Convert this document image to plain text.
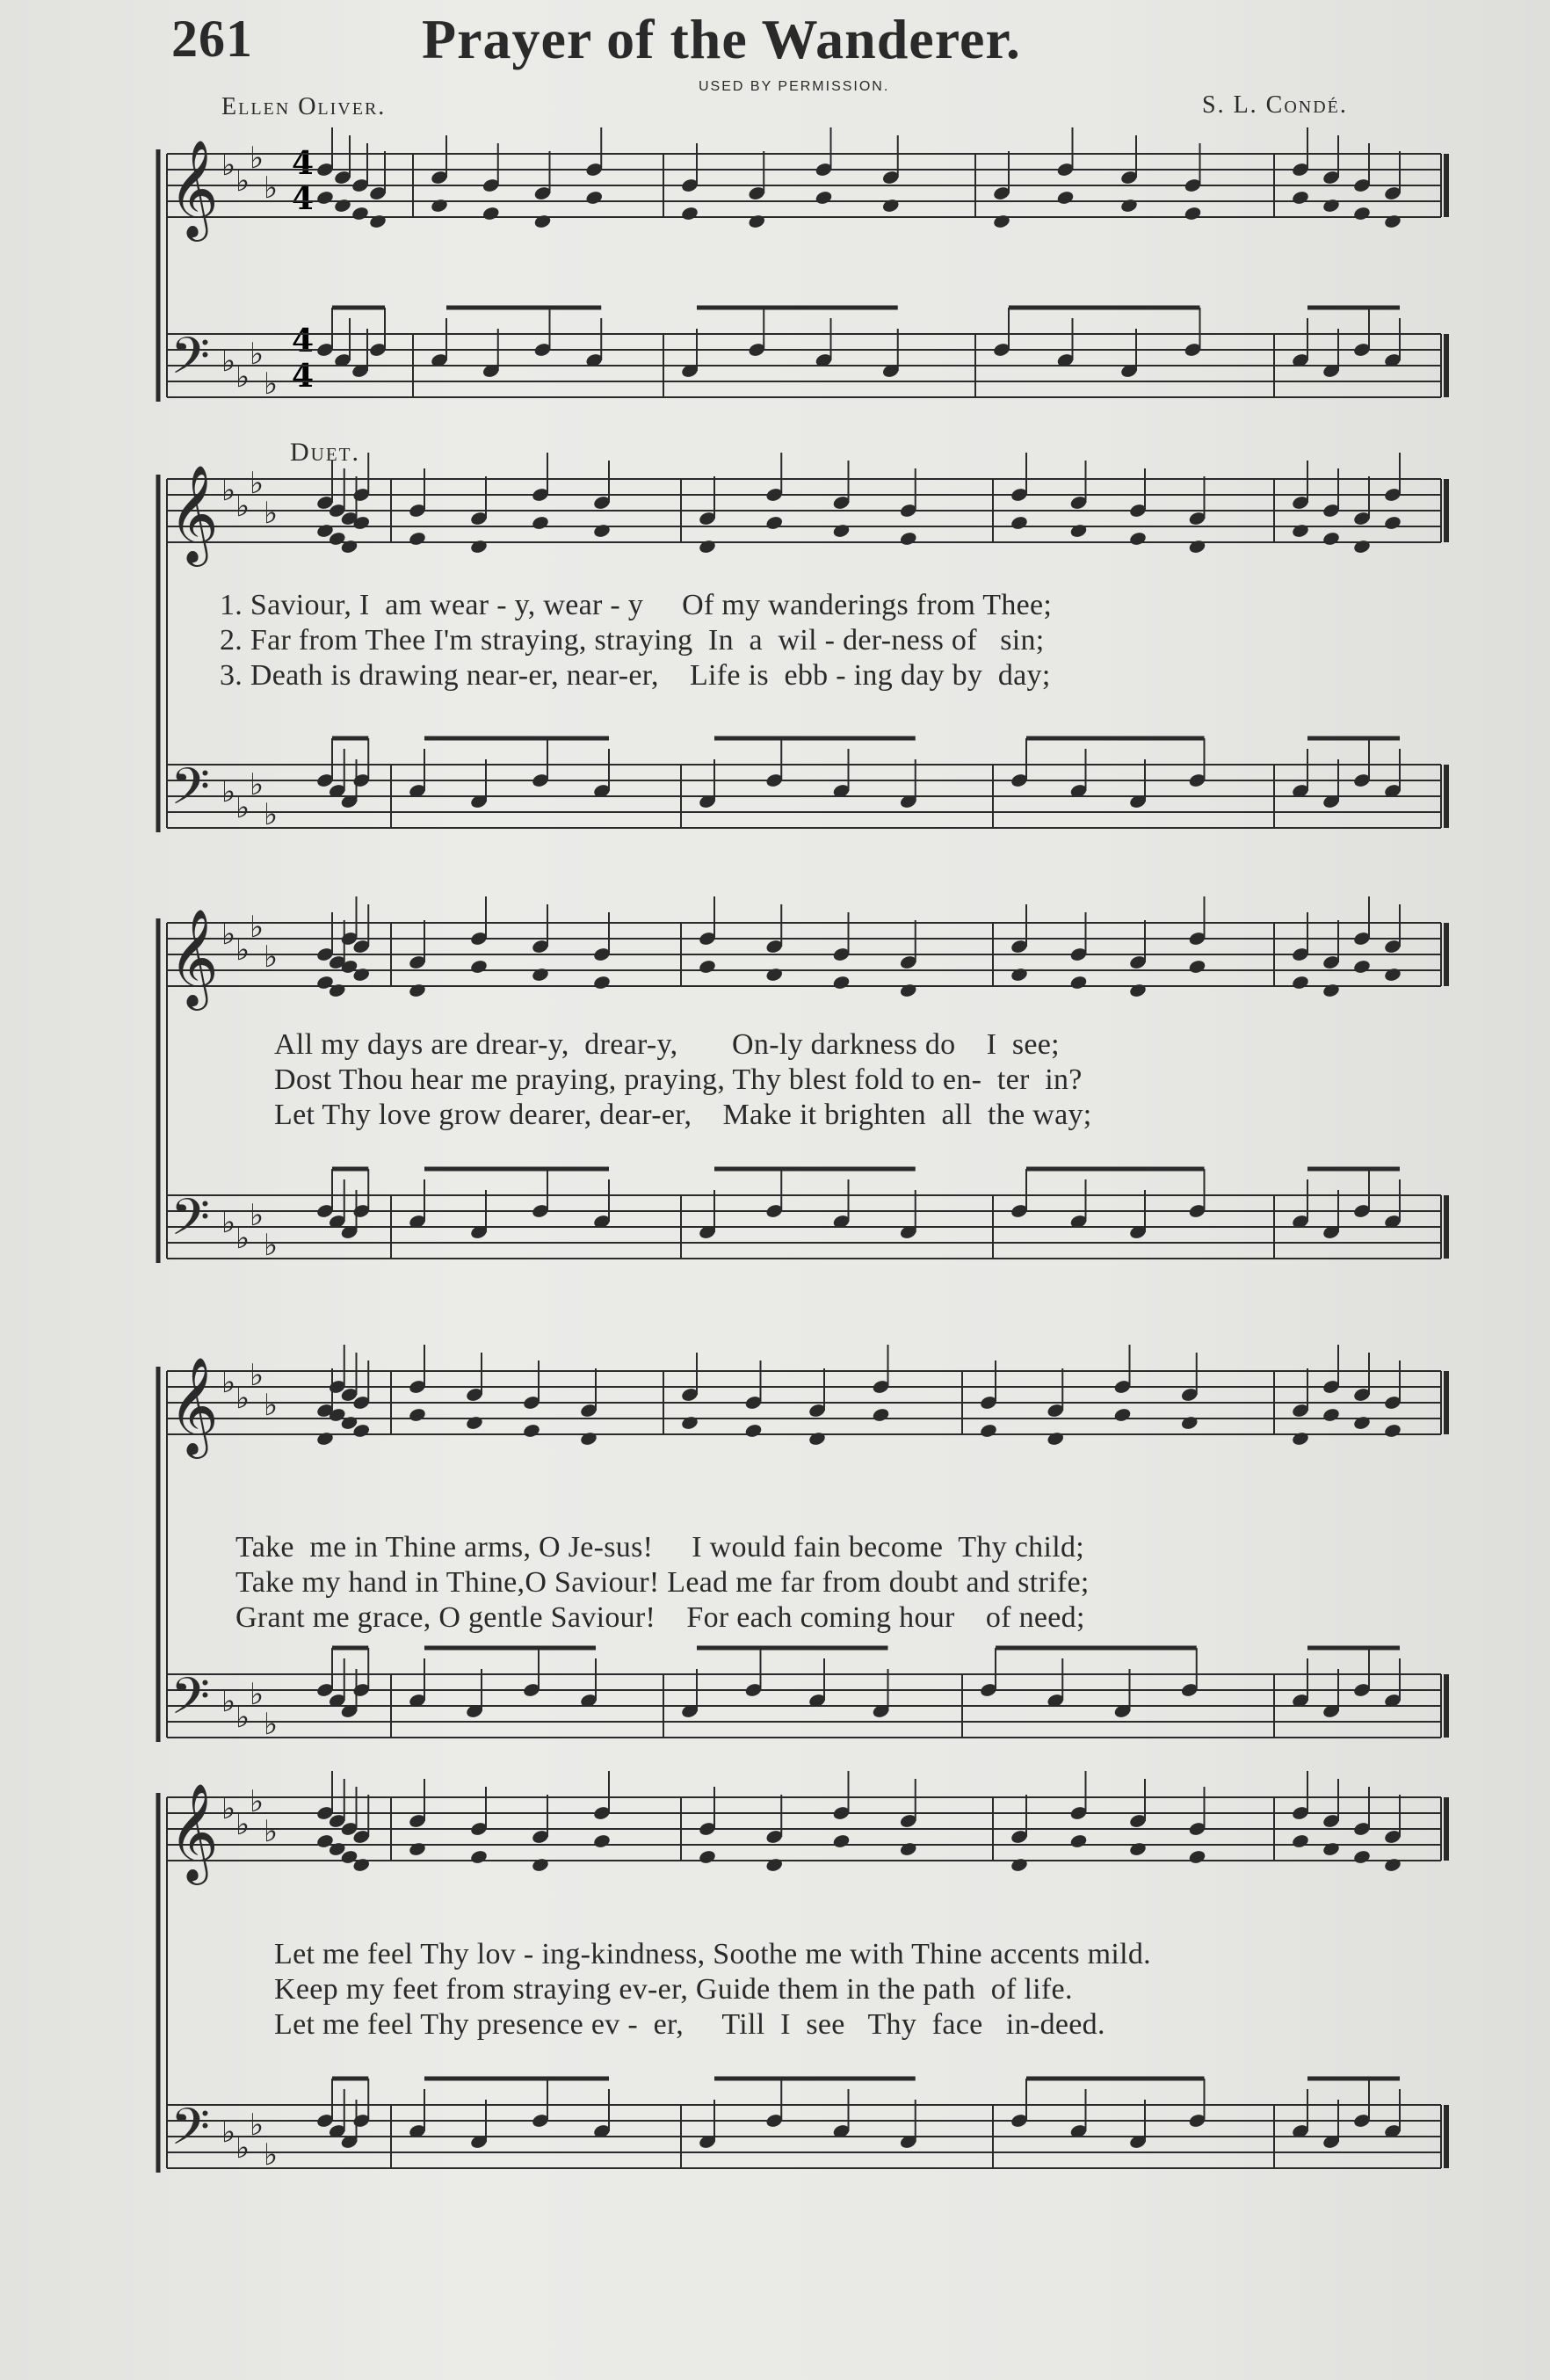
261	Prayer of the Wanderer.
USED BY PERMISSION.
Ellen Oliver.	S. L. Condé.
Duet.
4
4
4
4
𝄞
𝄢
♭ ♭
♭
♭
♭ ♭
♭
♭
𝄞
𝄢
♭ ♭
♭
♭
♭ ♭
♭
♭
𝄞
𝄢
♭ ♭
♭
♭
♭ ♭
♭
♭
𝄞
𝄢
♭ ♭
♭
♭
♭ ♭
♭
♭
𝄞
𝄢
♭ ♭
♭
♭
♭ ♭
♭
♭
1. Saviour, I  am wear - y, wear - y     Of my wanderings from Thee;
2. Far from Thee I'm straying, straying  In  a  wil - der-ness of   sin;
3. Death is drawing near-er, near-er,    Life is  ebb - ing day by  day;
All my days are drear-y,  drear-y,       On-ly darkness do    I  see;
Dost Thou hear me praying, praying, Thy blest fold to en-  ter  in?
Let Thy love grow dearer, dear-er,    Make it brighten  all  the way;
Take  me in Thine arms, O Je-sus!     I would fain become  Thy child;
Take my hand in Thine,O Saviour! Lead me far from doubt and strife;
Grant me grace, O gentle Saviour!    For each coming hour    of need;
Let me feel Thy lov - ing-kindness, Soothe me with Thine accents mild.
Keep my feet from straying ev-er, Guide them in the path  of life.
Let me feel Thy presence ev -  er,     Till  I  see   Thy  face   in-deed.
